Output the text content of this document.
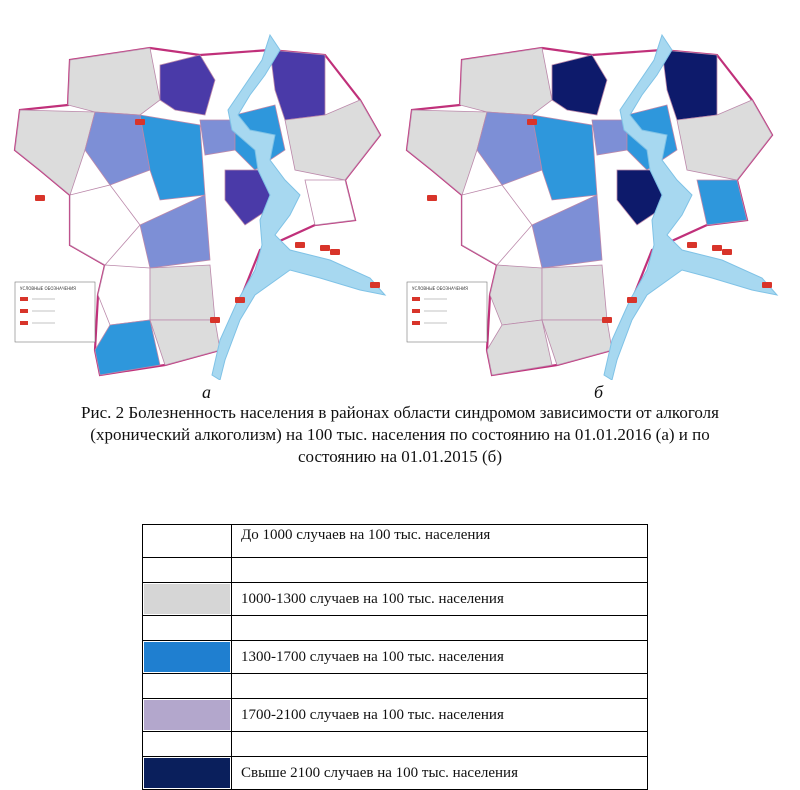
УСЛОВНЫЕ ОБОЗНАЧЕНИЯ	УСЛОВНЫЕ ОБОЗНАЧЕНИЯ
а	б
Рис. 2 Болезненность населения в районах области синдромом зависимости от алкоголя
(хронический алкоголизм) на 100 тыс. населения по состоянию на 01.01.2016 (а) и по
состоянию на 01.01.2015 (б)
	До 1000 случаев на 100 тыс. населения

	1000-1300 случаев на 100 тыс. населения

	1300-1700 случаев на 100 тыс. населения

	1700-2100 случаев на 100 тыс. населения

	Свыше 2100 случаев на 100 тыс. населения
